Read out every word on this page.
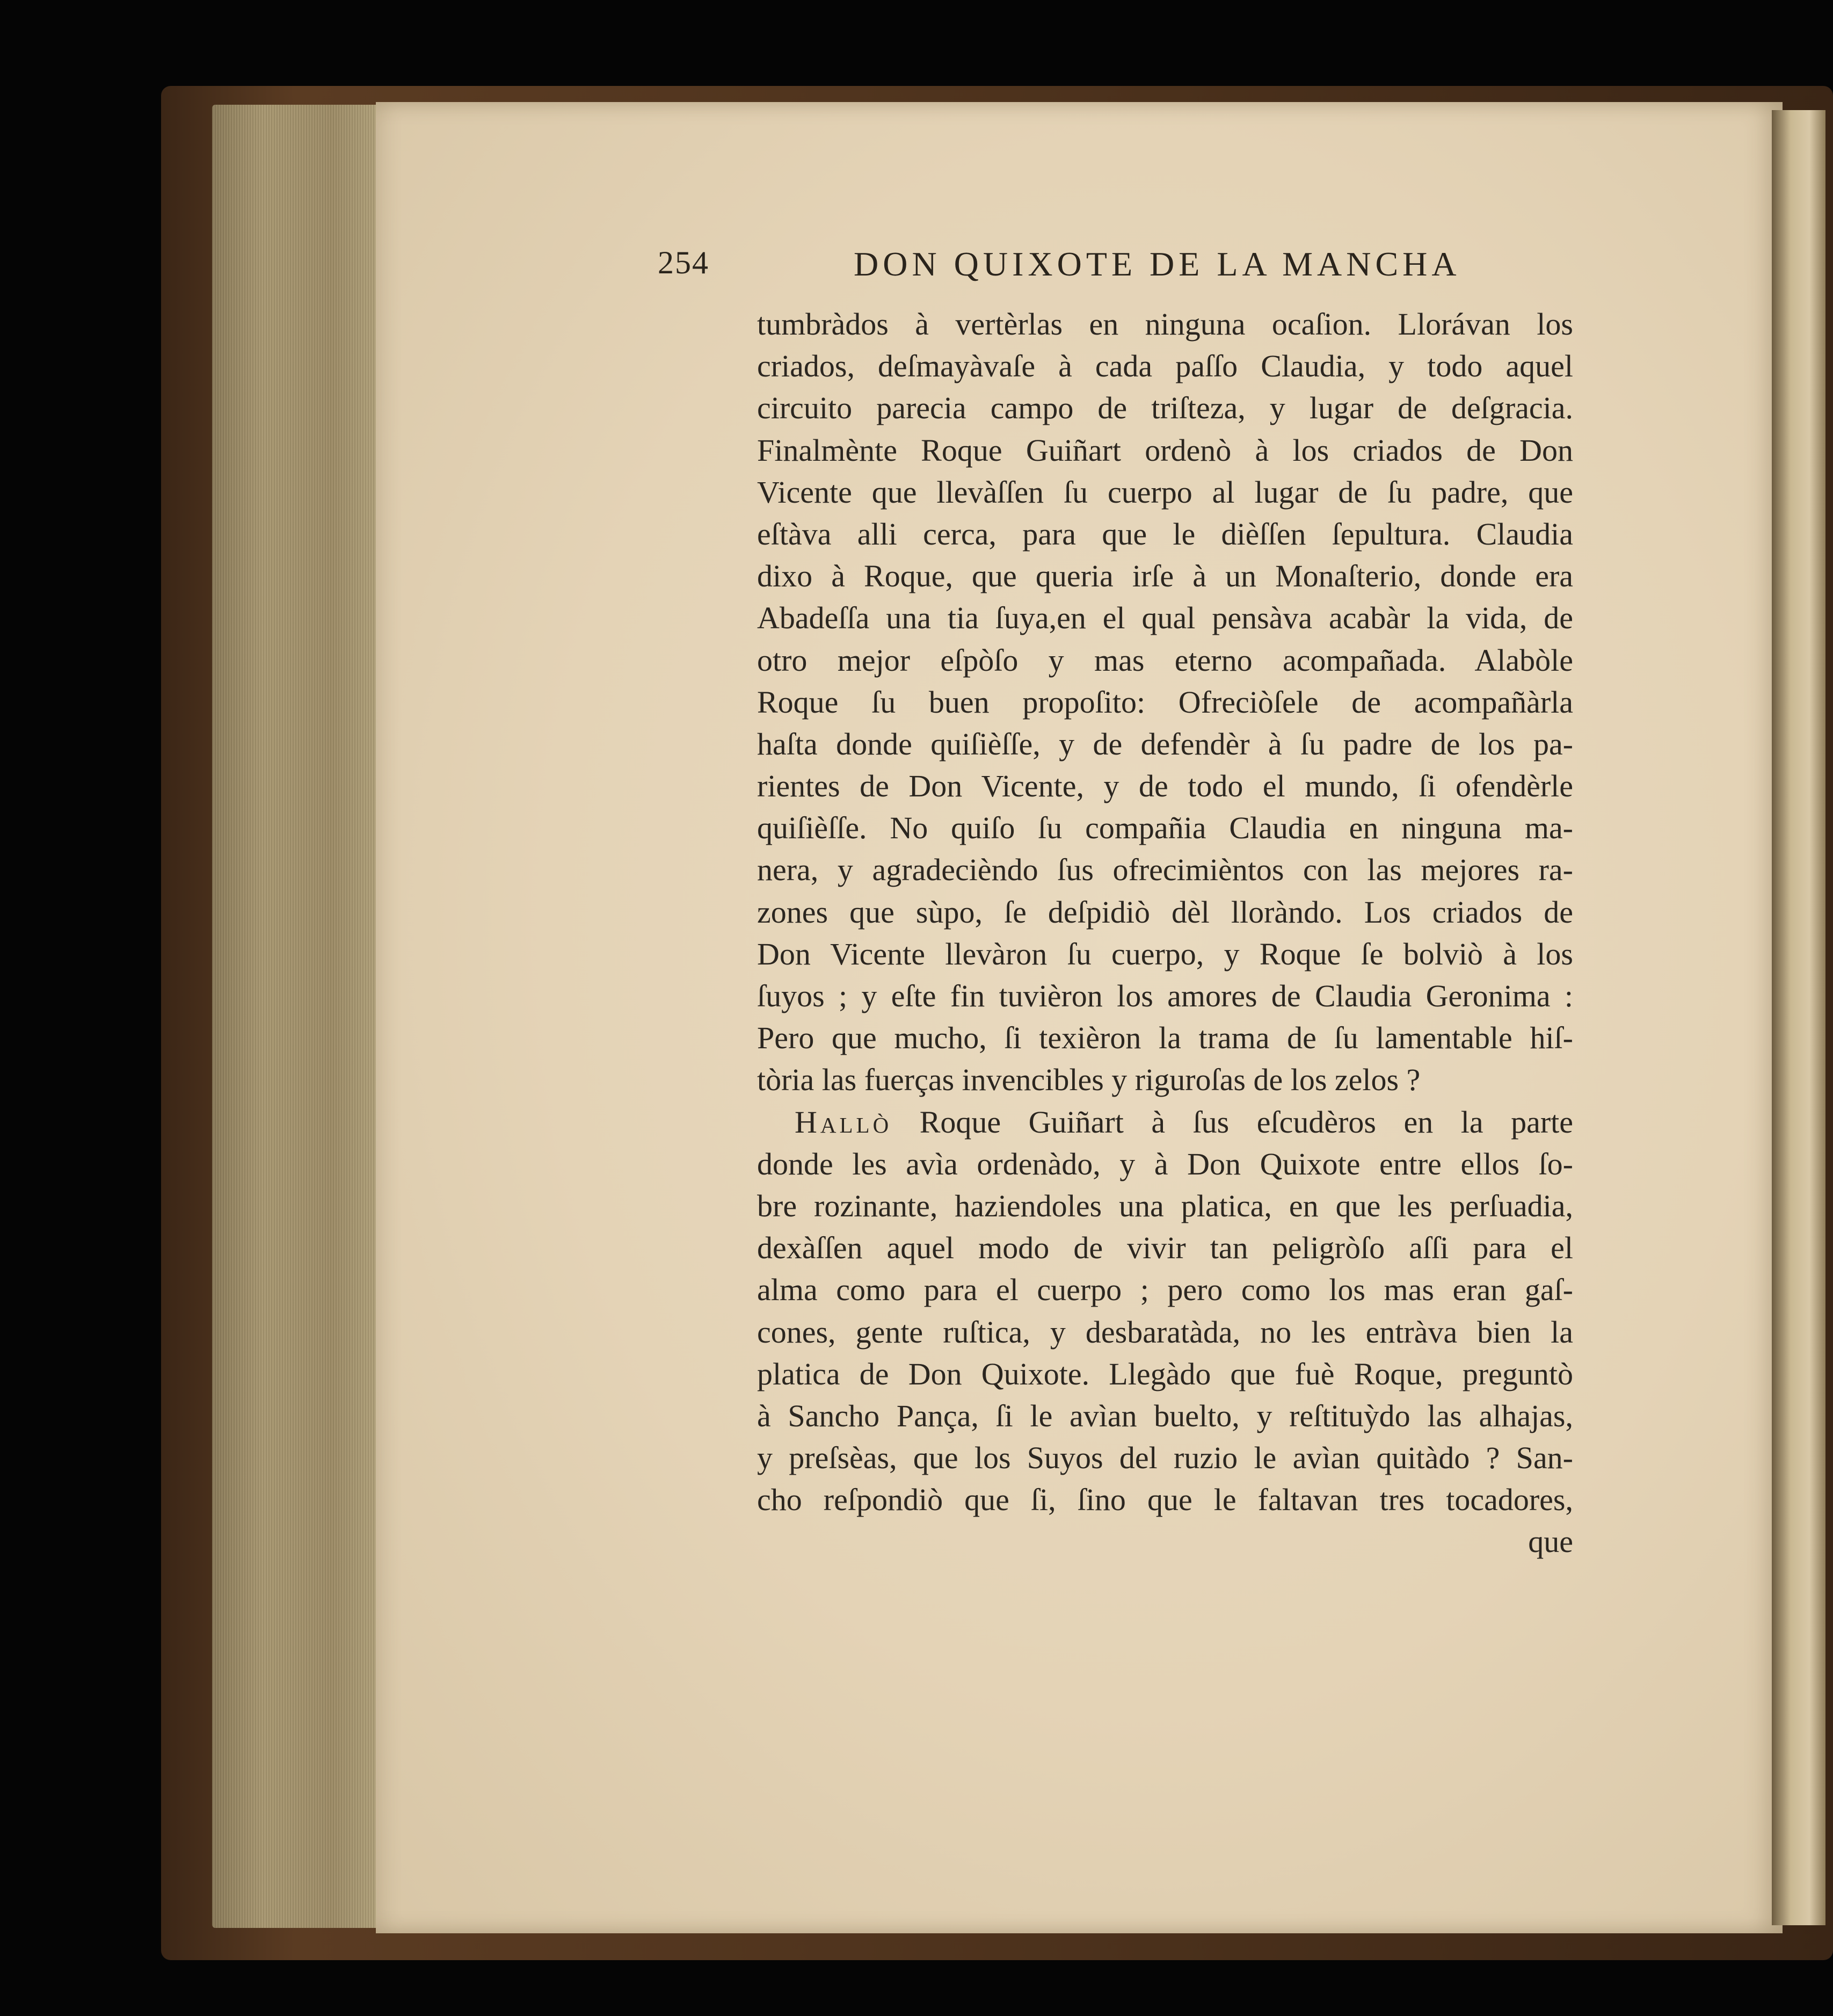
254	DON QUIXOTE DE LA MANCHA
tumbràdos à vertèrlas en ninguna ocaſion. Llorávan los
criados, deſmayàvaſe à cada paſſo Claudia, y todo aquel
circuito parecia campo de triſteza, y lugar de deſgracia.
Finalmènte Roque Guiñart ordenò à los criados de Don
Vicente que llevàſſen ſu cuerpo al lugar de ſu padre, que
eſtàva alli cerca, para que le dièſſen ſepultura. Claudia
dixo à Roque, que queria irſe à un Monaſterio, donde era
Abadeſſa una tia ſuya,en el qual pensàva acabàr la vida, de
otro mejor eſpòſo y mas eterno acompañada. Alabòle
Roque ſu buen propoſito: Ofreciòſele de acompañàrla
haſta donde quiſièſſe, y de defendèr à ſu padre de los pa-
rientes de Don Vicente, y de todo el mundo, ſi ofendèrle
quiſièſſe. No quiſo ſu compañia Claudia en ninguna ma-
nera, y agradecièndo ſus ofrecimièntos con las mejores ra-
zones que sùpo, ſe deſpidiò dèl lloràndo. Los criados de
Don Vicente llevàron ſu cuerpo, y Roque ſe bolviò à los
ſuyos ; y eſte fin tuvièron los amores de Claudia Geronima :
Pero que mucho, ſi texièron la trama de ſu lamentable hiſ-
tòria las fuerças invencibles y riguroſas de los zelos ?
Hallò Roque Guiñart à ſus eſcudèros en la parte
donde les avìa ordenàdo, y à Don Quixote entre ellos ſo-
bre rozinante, haziendoles una platica, en que les perſuadia,
dexàſſen aquel modo de vivir tan peligròſo aſſi para el
alma como para el cuerpo ; pero como los mas eran gaſ-
cones, gente ruſtica, y desbaratàda, no les entràva bien la
platica de Don Quixote. Llegàdo que fuè Roque, preguntò
à Sancho Pança, ſi le avìan buelto, y reſtituỳdo las alhajas,
y preſsèas, que los Suyos del ruzio le avìan quitàdo ? San-
cho reſpondiò que ſi, ſino que le faltavan tres tocadores,
que
